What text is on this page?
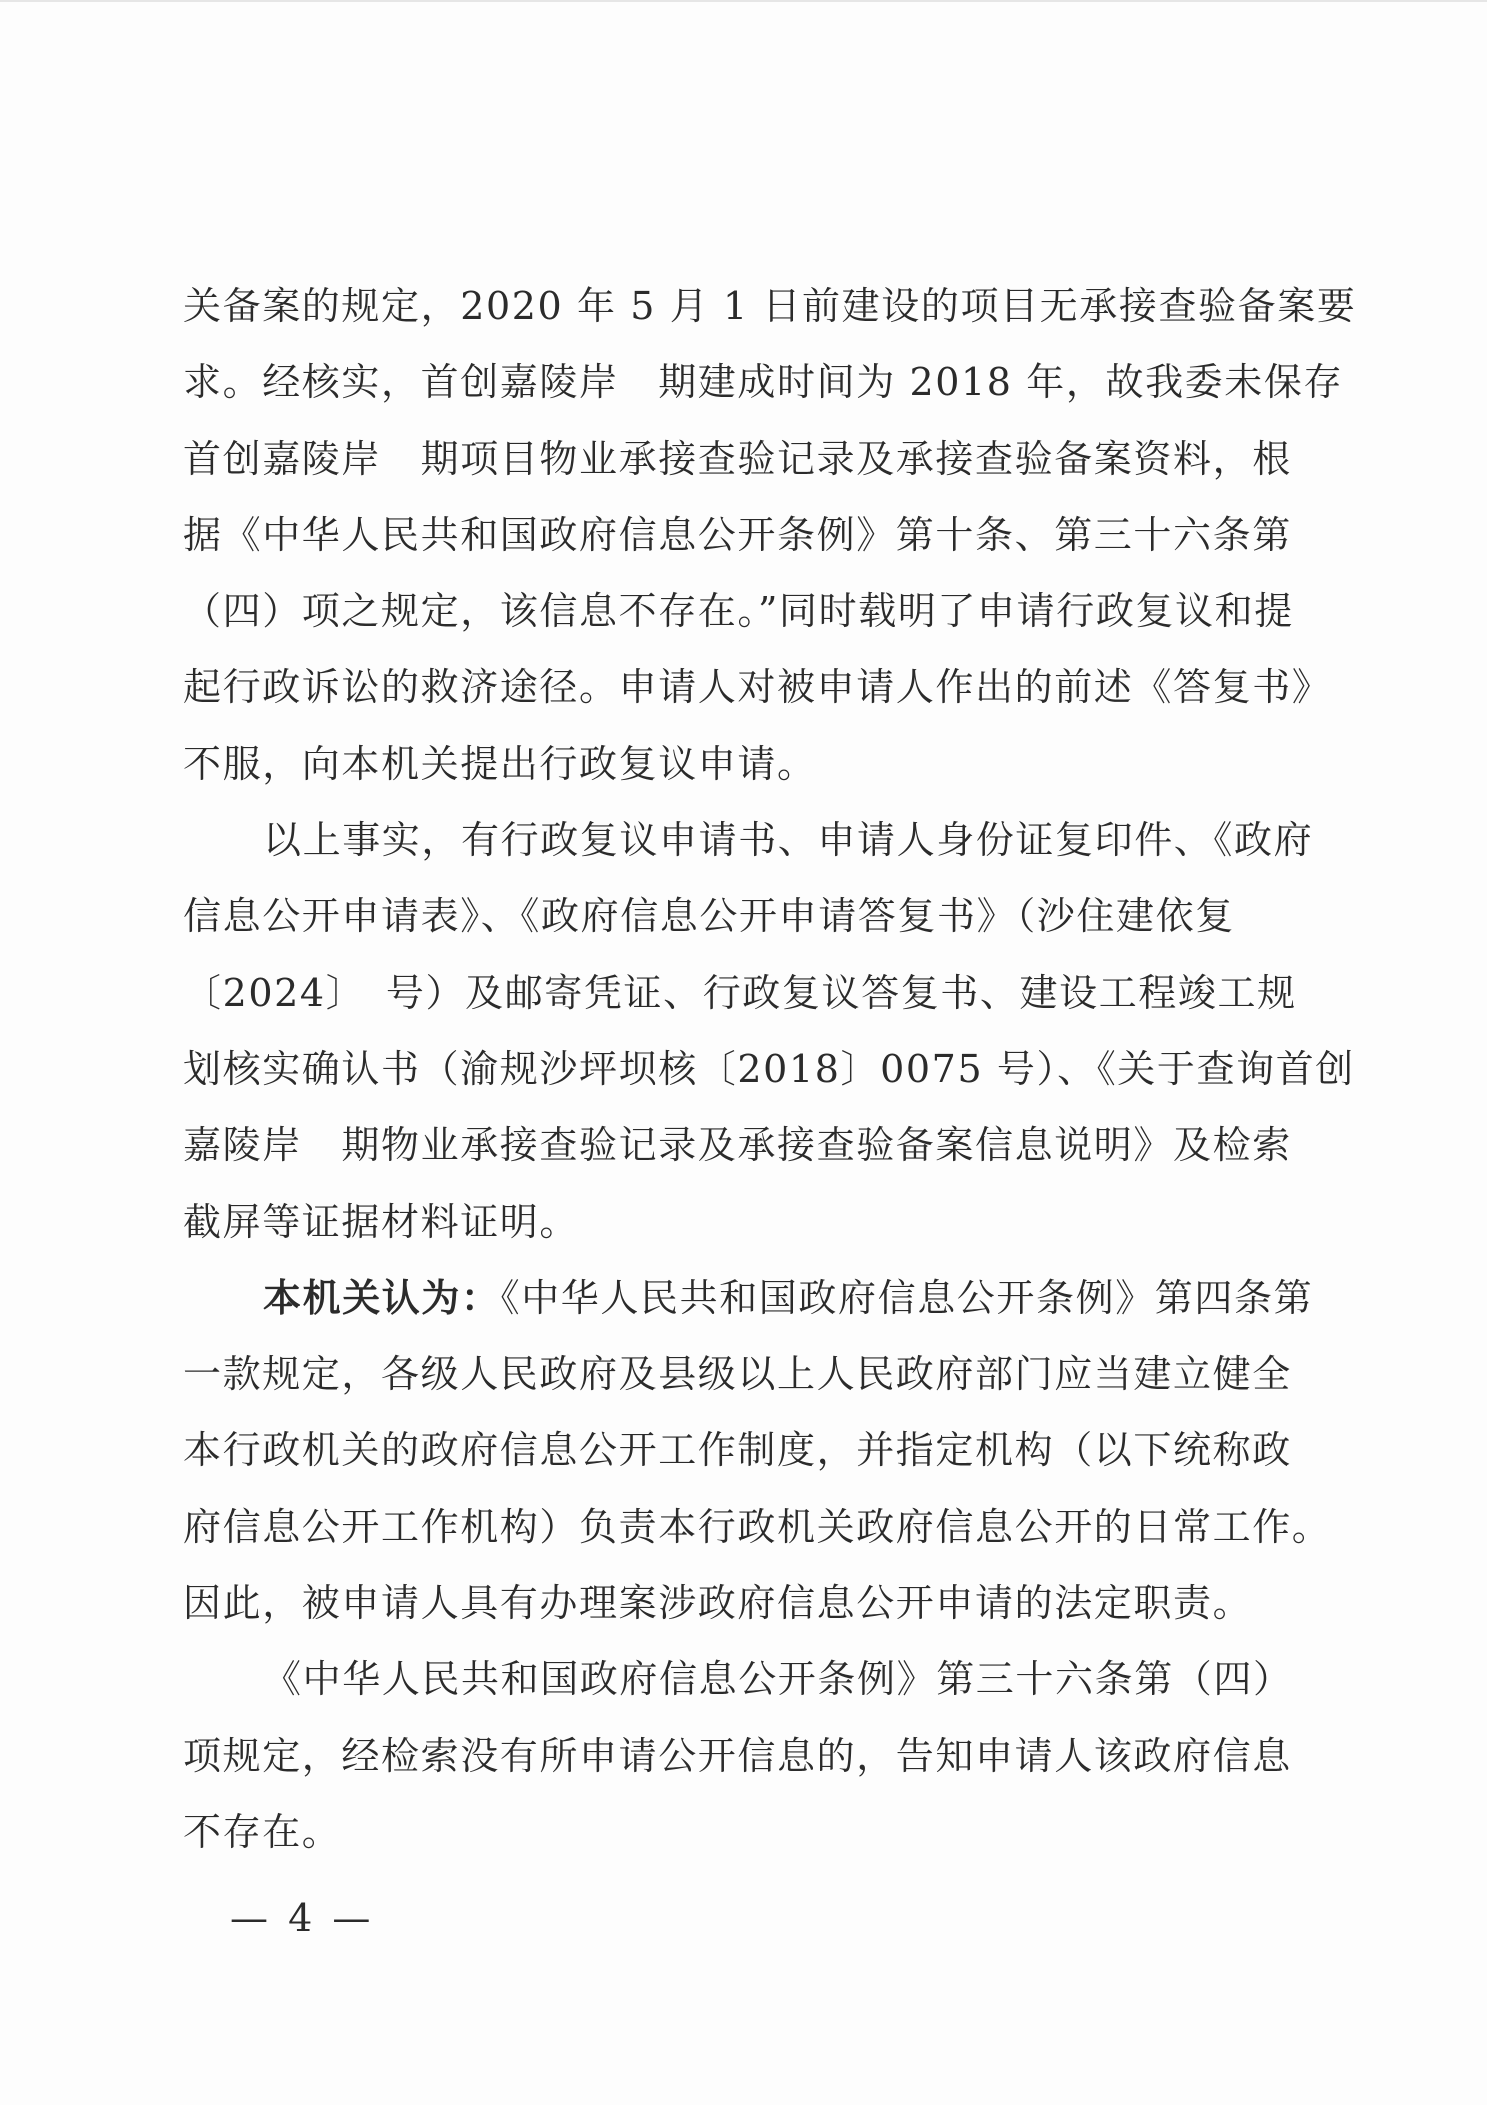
关备案的规定，2020 年 5 月 1 日前建设的项目无承接查验备案要
求。经核实，首创嘉陵岸　期建成时间为 2018 年，故我委未保存
首创嘉陵岸　期项目物业承接查验记录及承接查验备案资料，根
据《中华人民共和国政府信息公开条例》第十条、第三十六条第
（四）项之规定，该信息不存在。”同时载明了申请行政复议和提
起行政诉讼的救济途径。申请人对被申请人作出的前述《答复书》
不服，向本机关提出行政复议申请。
以上事实，有行政复议申请书、申请人身份证复印件、《政府
信息公开申请表》、《政府信息公开申请答复书》（沙住建依复
〔2024〕　号）及邮寄凭证、行政复议答复书、建设工程竣工规
划核实确认书（渝规沙坪坝核〔2018〕0075 号）、《关于查询首创
嘉陵岸　期物业承接查验记录及承接查验备案信息说明》及检索
截屏等证据材料证明。
本机关认为：《中华人民共和国政府信息公开条例》第四条第
一款规定，各级人民政府及县级以上人民政府部门应当建立健全
本行政机关的政府信息公开工作制度，并指定机构（以下统称政
府信息公开工作机构）负责本行政机关政府信息公开的日常工作。
因此，被申请人具有办理案涉政府信息公开申请的法定职责。
《中华人民共和国政府信息公开条例》第三十六条第（四）
项规定，经检索没有所申请公开信息的，告知申请人该政府信息
不存在。
— 4 —
